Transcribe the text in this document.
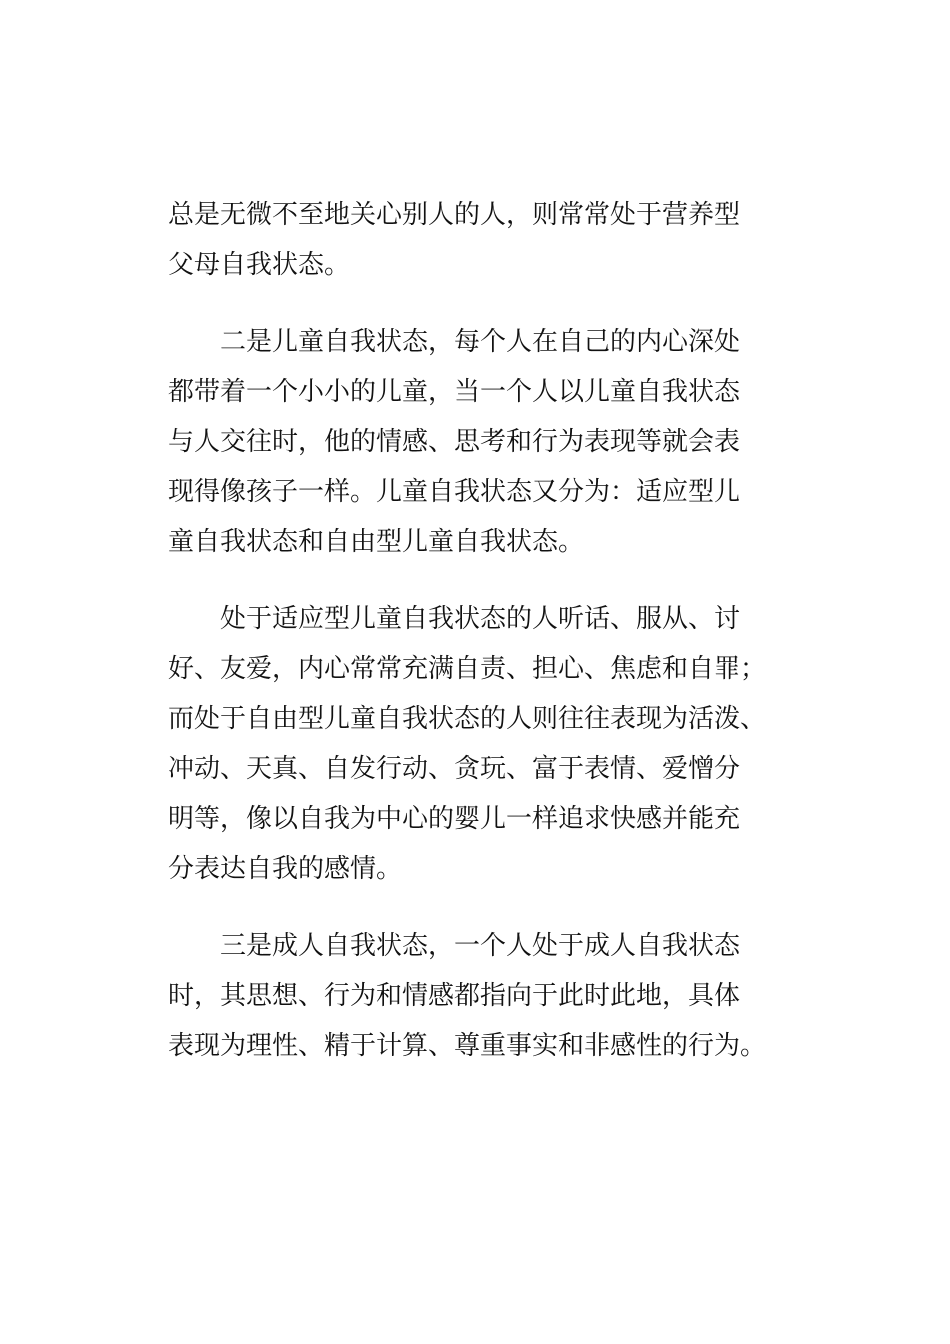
总是无微不至地关心别人的人，则常常处于营养型
父母自我状态。

二是儿童自我状态，每个人在自己的内心深处
都带着一个小小的儿童，当一个人以儿童自我状态
与人交往时，他的情感、思考和行为表现等就会表
现得像孩子一样。儿童自我状态又分为：适应型儿
童自我状态和自由型儿童自我状态。

处于适应型儿童自我状态的人听话、服从、讨
好、友爱，内心常常充满自责、担心、焦虑和自罪；
而处于自由型儿童自我状态的人则往往表现为活泼、
冲动、天真、自发行动、贪玩、富于表情、爱憎分
明等，像以自我为中心的婴儿一样追求快感并能充
分表达自我的感情。

三是成人自我状态，一个人处于成人自我状态
时，其思想、行为和情感都指向于此时此地，具体
表现为理性、精于计算、尊重事实和非感性的行为。
